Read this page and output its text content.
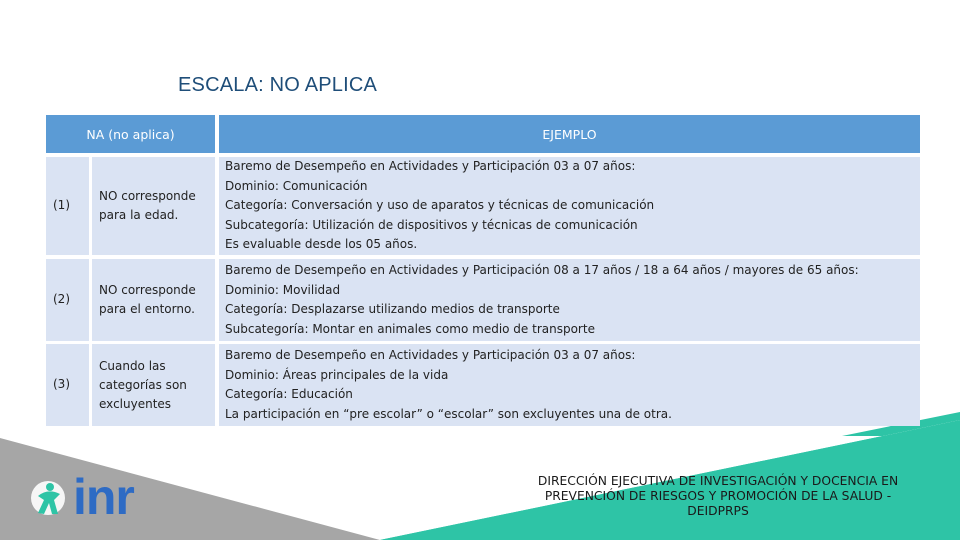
ESCALA: NO APLICA
NA (no aplica)	EJEMPLO
(1)
NO corresponde
para la edad.
Baremo de Desempeño en Actividades y Participación 03 a 07 años:
Dominio: Comunicación
Categoría: Conversación y uso de aparatos y técnicas de comunicación
Subcategoría: Utilización de dispositivos y técnicas de comunicación
Es evaluable desde los 05 años.
(2)
NO corresponde
para el entorno.
Baremo de Desempeño en Actividades y Participación 08 a 17 años / 18 a 64 años / mayores de 65 años:
Dominio: Movilidad
Categoría: Desplazarse utilizando medios de transporte
Subcategoría: Montar en animales como medio de transporte
(3)
Cuando las
categorías son
excluyentes
Baremo de Desempeño en Actividades y Participación 03 a 07 años:
Dominio: Áreas principales de la vida
Categoría: Educación
La participación en “pre escolar” o “escolar” son excluyentes una de otra.
inr	DIRECCIÓN EJECUTIVA DE INVESTIGACIÓN Y DOCENCIA EN
PREVENCIÓN DE RIESGOS Y PROMOCIÓN DE LA SALUD -
DEIDPRPS
